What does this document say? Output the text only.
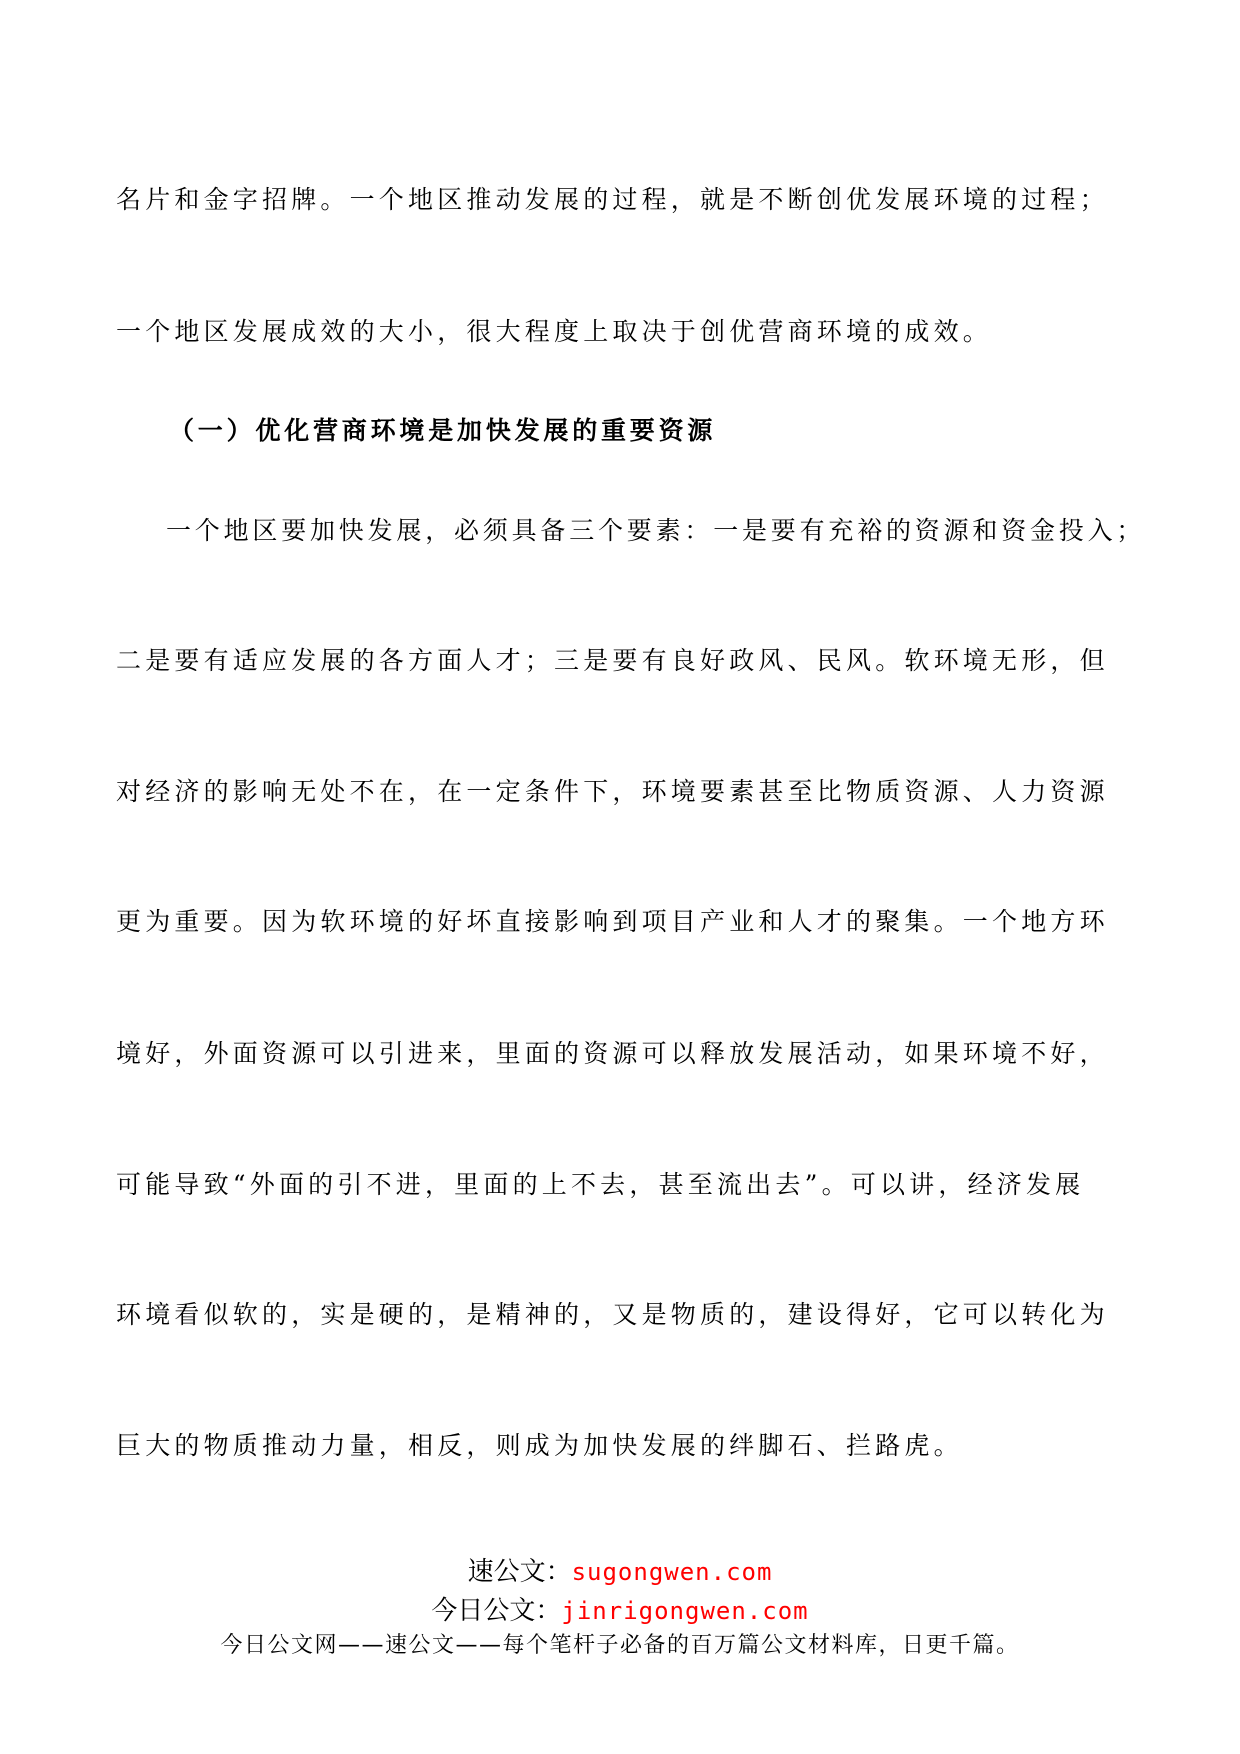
名片和金字招牌。一个地区推动发展的过程，就是不断创优发展环境的过程；
一个地区发展成效的大小，很大程度上取决于创优营商环境的成效。
（一）优化营商环境是加快发展的重要资源
一个地区要加快发展，必须具备三个要素：一是要有充裕的资源和资金投入；
二是要有适应发展的各方面人才；三是要有良好政风、民风。软环境无形，但
对经济的影响无处不在，在一定条件下，环境要素甚至比物质资源、人力资源
更为重要。因为软环境的好坏直接影响到项目产业和人才的聚集。一个地方环
境好，外面资源可以引进来，里面的资源可以释放发展活动，如果环境不好，
可能导致“外面的引不进，里面的上不去，甚至流出去”。可以讲，经济发展
环境看似软的，实是硬的，是精神的，又是物质的，建设得好，它可以转化为
巨大的物质推动力量，相反，则成为加快发展的绊脚石、拦路虎。
速公文：sugongwen.com
今日公文：jinrigongwen.com
今日公文网——速公文——每个笔杆子必备的百万篇公文材料库，日更千篇。
